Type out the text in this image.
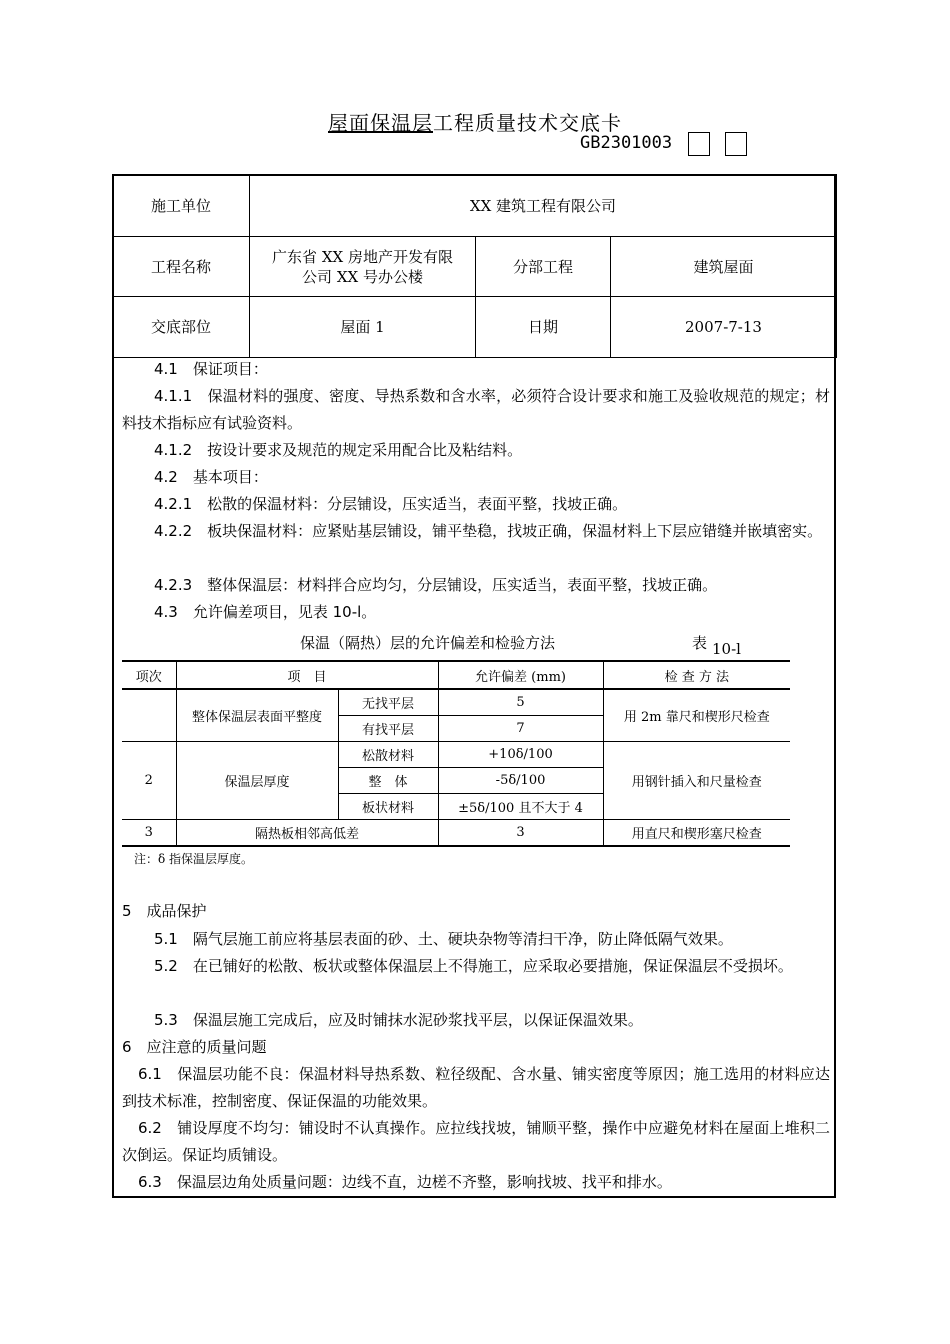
屋面保温层工程质量技术交底卡
GB2301003
施工单位	XX 建筑工程有限公司		
工程名称	广东省 XX 房地产开发有限
公司 XX 号办公楼	分部工程	建筑屋面
交底部位	屋面 1	日期	2007-7-13
4.1　保证项目：
4.1.1　保温材料的强度、密度、导热系数和含水率，必须符合设计要求和施工及验收规范的规定；材料技术指标应有试验资料。
4.1.2　按设计要求及规范的规定采用配合比及粘结料。
4.2　基本项目：
4.2.1　松散的保温材料：分层铺设，压实适当，表面平整，找坡正确。
4.2.2　板块保温材料：应紧贴基层铺设，铺平垫稳，找坡正确，保温材料上下层应错缝并嵌填密实。
4.2.3　整体保温层：材料拌合应均匀，分层铺设，压实适当，表面平整，找坡正确。
4.3　允许偏差项目，见表 10-l。
保温（隔热）层的允许偏差和检验方法	表 10-l
项次	项　目		允许偏差 (mm)	检 查 方 法
	整体保温层表面平整度	无找平层	5	用 2m 靠尺和楔形尺检查
		有找平层	7	
2	保温层厚度	松散材料	+10δ/100	用钢针插入和尺量检查
		整　体	-5δ/100	
		板状材料	±5δ/100 且不大于 4	
3	隔热板相邻高低差		3	用直尺和楔形塞尺检查
注：δ 指保温层厚度。
5　成品保护
5.1　隔气层施工前应将基层表面的砂、土、硬块杂物等清扫干净，防止降低隔气效果。
5.2　在已铺好的松散、板状或整体保温层上不得施工，应采取必要措施，保证保温层不受损坏。
5.3　保温层施工完成后，应及时铺抹水泥砂浆找平层，以保证保温效果。
6　应注意的质量问题
6.1　保温层功能不良：保温材料导热系数、粒径级配、含水量、铺实密度等原因；施工选用的材料应达到技术标准，控制密度、保证保温的功能效果。
6.2　铺设厚度不均匀：铺设时不认真操作。应拉线找坡，铺顺平整，操作中应避免材料在屋面上堆积二次倒运。保证均质铺设。
6.3　保温层边角处质量问题：边线不直，边槎不齐整，影响找坡、找平和排水。
